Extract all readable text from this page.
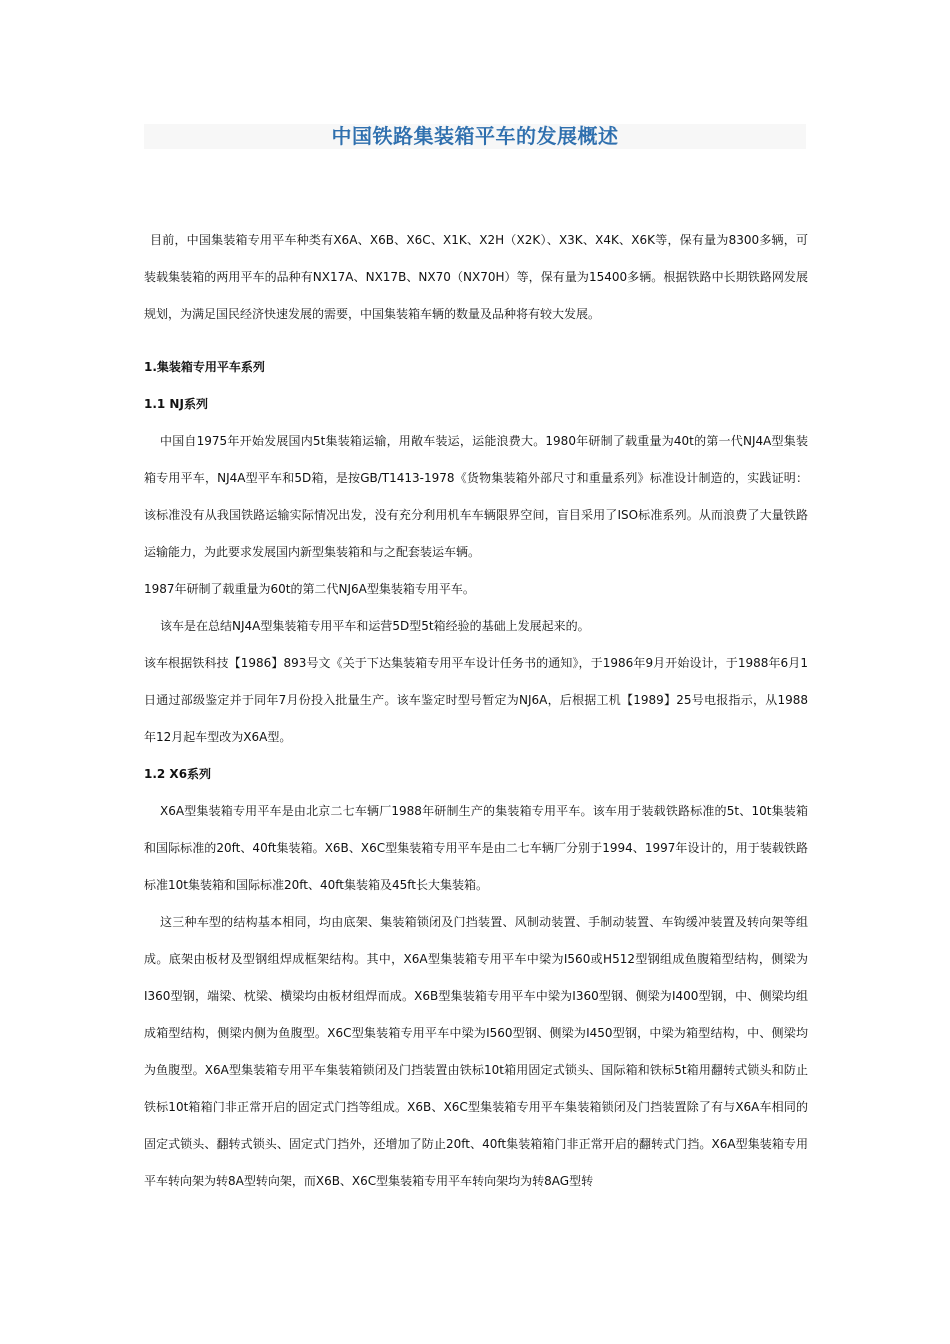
中国铁路集装箱平车的发展概述

目前，中国集装箱专用平车种类有X6A、X6B、X6C、X1K、X2H（X2K）、X3K、X4K、X6K等，保有量为8300多辆，可装载集装箱的两用平车的品种有NX17A、NX17B、NX70（NX70H）等，保有量为15400多辆。根据铁路中长期铁路网发展规划，为满足国民经济快速发展的需要，中国集装箱车辆的数量及品种将有较大发展。

1.集装箱专用平车系列

1.1 NJ系列

中国自1975年开始发展国内5t集装箱运输，用敞车装运，运能浪费大。1980年研制了载重量为40t的第一代NJ4A型集装箱专用平车，NJ4A型平车和5D箱，是按GB/T1413-1978《货物集装箱外部尺寸和重量系列》标准设计制造的，实践证明：该标准没有从我国铁路运输实际情况出发，没有充分利用机车车辆限界空间，盲目采用了ISO标准系列。从而浪费了大量铁路运输能力，为此要求发展国内新型集装箱和与之配套装运车辆。

1987年研制了载重量为60t的第二代NJ6A型集装箱专用平车。

该车是在总结NJ4A型集装箱专用平车和运营5D型5t箱经验的基础上发展起来的。

该车根据铁科技【1986】893号文《关于下达集装箱专用平车设计任务书的通知》，于1986年9月开始设计，于1988年6月1日通过部级鉴定并于同年7月份投入批量生产。该车鉴定时型号暂定为NJ6A，后根据工机【1989】25号电报指示，从1988年12月起车型改为X6A型。

1.2 X6系列

X6A型集装箱专用平车是由北京二七车辆厂1988年研制生产的集装箱专用平车。该车用于装载铁路标准的5t、10t集装箱和国际标准的20ft、40ft集装箱。X6B、X6C型集装箱专用平车是由二七车辆厂分别于1994、1997年设计的，用于装载铁路标准10t集装箱和国际标准20ft、40ft集装箱及45ft长大集装箱。

这三种车型的结构基本相同，均由底架、集装箱锁闭及门挡装置、风制动装置、手制动装置、车钩缓冲装置及转向架等组成。底架由板材及型钢组焊成框架结构。其中，X6A型集装箱专用平车中梁为I560或H512型钢组成鱼腹箱型结构，侧梁为I360型钢，端梁、枕梁、横梁均由板材组焊而成。X6B型集装箱专用平车中梁为I360型钢、侧梁为I400型钢，中、侧梁均组成箱型结构，侧梁内侧为鱼腹型。X6C型集装箱专用平车中梁为I560型钢、侧梁为I450型钢，中梁为箱型结构，中、侧梁均为鱼腹型。X6A型集装箱专用平车集装箱锁闭及门挡装置由铁标10t箱用固定式锁头、国际箱和铁标5t箱用翻转式锁头和防止铁标10t箱箱门非正常开启的固定式门挡等组成。X6B、X6C型集装箱专用平车集装箱锁闭及门挡装置除了有与X6A车相同的固定式锁头、翻转式锁头、固定式门挡外，还增加了防止20ft、40ft集装箱箱门非正常开启的翻转式门挡。X6A型集装箱专用平车转向架为转8A型转向架，而X6B、X6C型集装箱专用平车转向架均为转8AG型转
